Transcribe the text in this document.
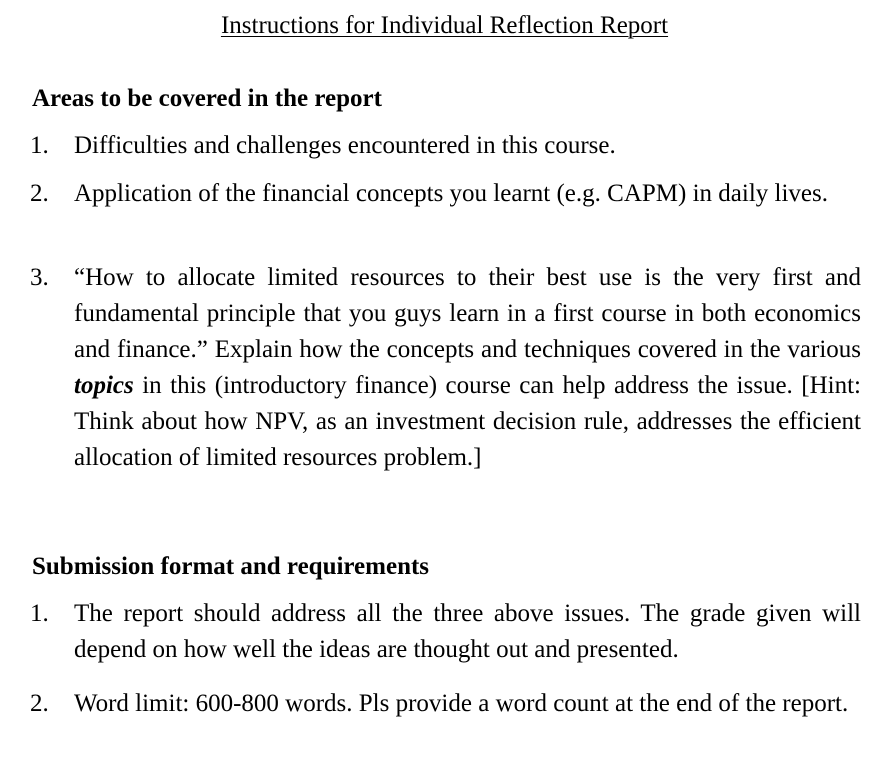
Instructions for Individual Reflection Report
Areas to be covered in the report
1. Difficulties and challenges encountered in this course.
2. Application of the financial concepts you learnt (e.g. CAPM) in daily lives.
3. “How to allocate limited resources to their best use is the very first and fundamental principle that you guys learn in a first course in both economics and finance.” Explain how the concepts and techniques covered in the various topics in this (introductory finance) course can help address the issue. [Hint: Think about how NPV, as an investment decision rule, addresses the efficient allocation of limited resources problem.]
Submission format and requirements
1. The report should address all the three above issues. The grade given will depend on how well the ideas are thought out and presented.
2. Word limit: 600-800 words. Pls provide a word count at the end of the report.
